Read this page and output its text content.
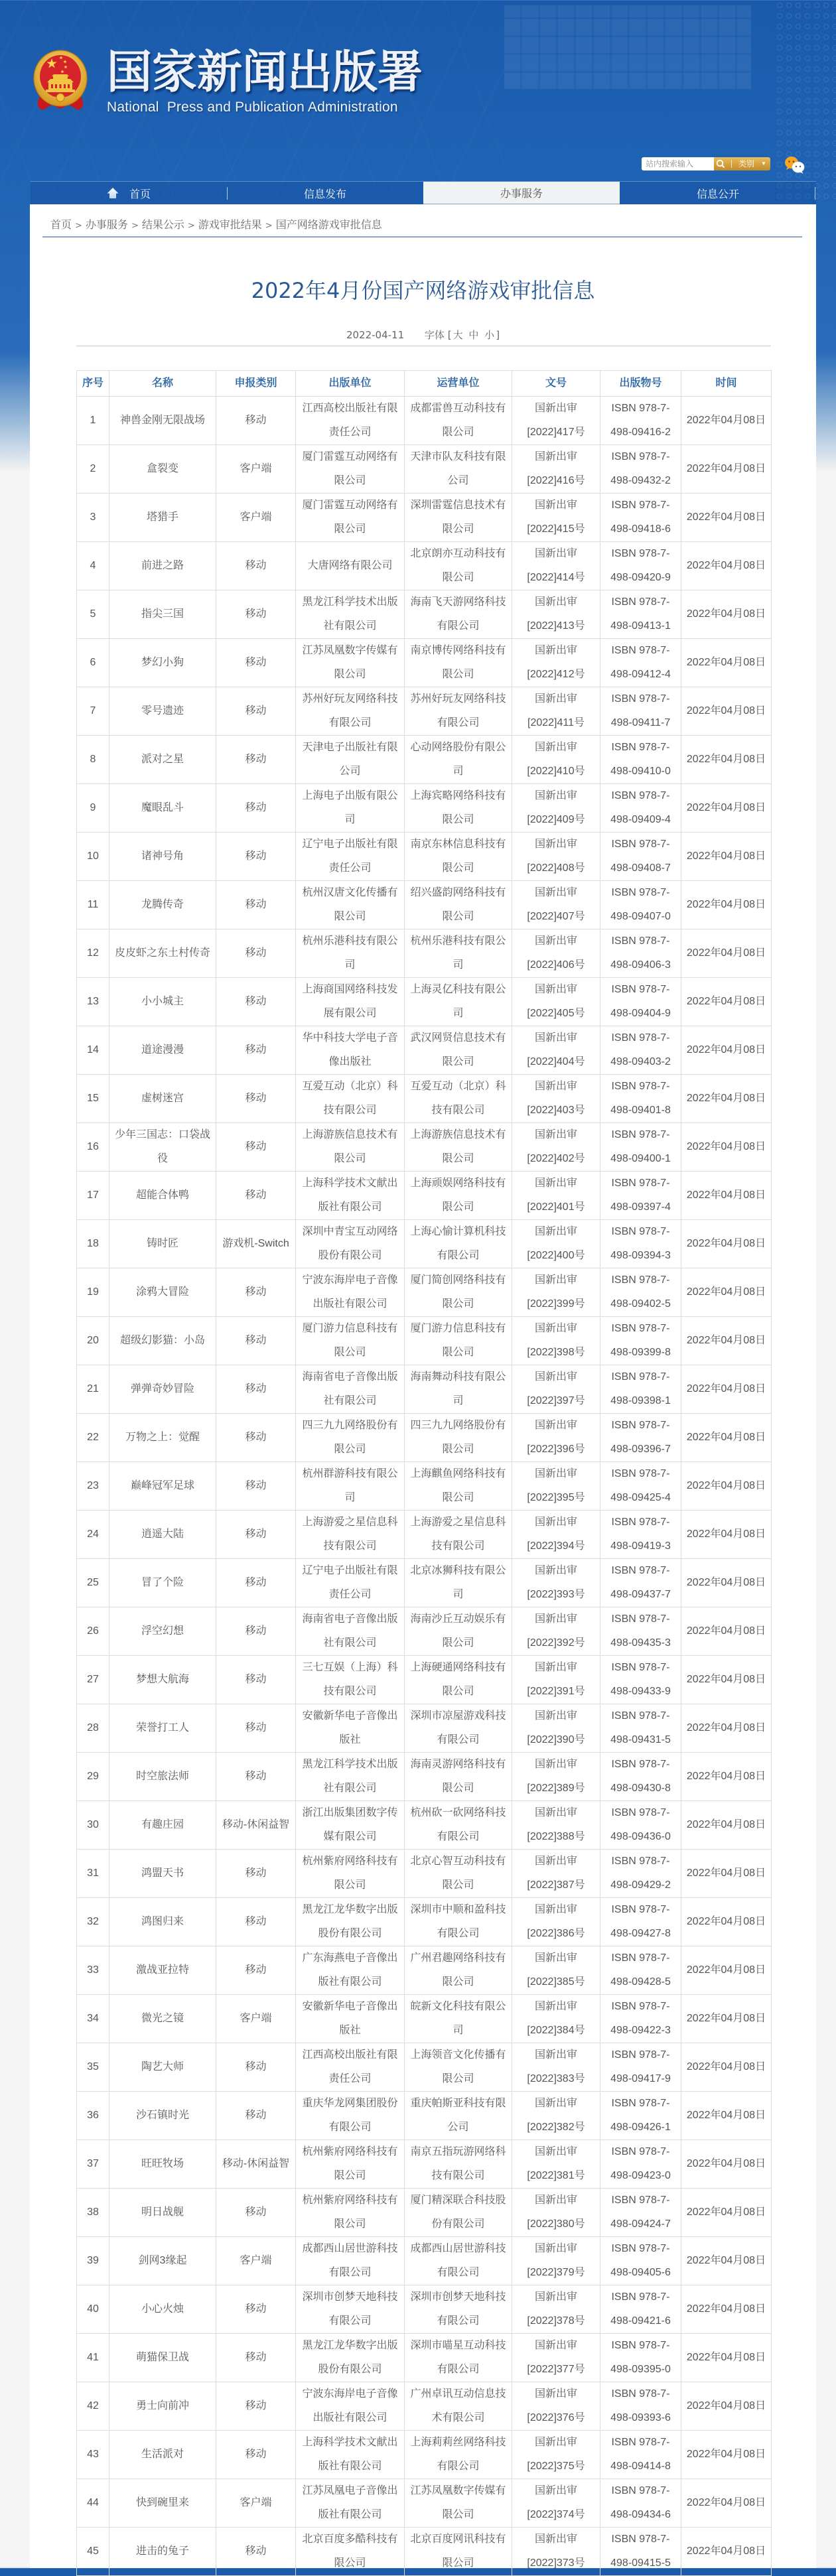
国家新闻出版署
National  Press and Publication Administration
站内搜索输入
类别 ▼
首页	信息发布	办事服务	信息公开
首页 > 办事服务 > 结果公示 > 游戏审批结果 > 国产网络游戏审批信息
2022年4月份国产网络游戏审批信息
2022-04-11 字体 [ 大 中 小 ]
序号	名称	申报类别	出版单位	运营单位	文号	出版物号	时间
1	神兽金刚无限战场	移动	江西高校出版社有限责任公司	成都雷兽互动科技有限公司	国新出审[2022]417号	ISBN 978-7-498-09416-2	2022年04月08日
2	盒裂变	客户端	厦门雷霆互动网络有限公司	天津市队友科技有限公司	国新出审[2022]416号	ISBN 978-7-498-09432-2	2022年04月08日
3	塔猎手	客户端	厦门雷霆互动网络有限公司	深圳雷霆信息技术有限公司	国新出审[2022]415号	ISBN 978-7-498-09418-6	2022年04月08日
4	前进之路	移动	大唐网络有限公司	北京朗亦互动科技有限公司	国新出审[2022]414号	ISBN 978-7-498-09420-9	2022年04月08日
5	指尖三国	移动	黑龙江科学技术出版社有限公司	海南飞天游网络科技有限公司	国新出审[2022]413号	ISBN 978-7-498-09413-1	2022年04月08日
6	梦幻小狗	移动	江苏凤凰数字传媒有限公司	南京博传网络科技有限公司	国新出审[2022]412号	ISBN 978-7-498-09412-4	2022年04月08日
7	零号遗迹	移动	苏州好玩友网络科技有限公司	苏州好玩友网络科技有限公司	国新出审[2022]411号	ISBN 978-7-498-09411-7	2022年04月08日
8	派对之星	移动	天津电子出版社有限公司	心动网络股份有限公司	国新出审[2022]410号	ISBN 978-7-498-09410-0	2022年04月08日
9	魔眼乱斗	移动	上海电子出版有限公司	上海宾略网络科技有限公司	国新出审[2022]409号	ISBN 978-7-498-09409-4	2022年04月08日
10	诸神号角	移动	辽宁电子出版社有限责任公司	南京东林信息科技有限公司	国新出审[2022]408号	ISBN 978-7-498-09408-7	2022年04月08日
11	龙腾传奇	移动	杭州汉唐文化传播有限公司	绍兴盛韵网络科技有限公司	国新出审[2022]407号	ISBN 978-7-498-09407-0	2022年04月08日
12	皮皮虾之东土村传奇	移动	杭州乐港科技有限公司	杭州乐港科技有限公司	国新出审[2022]406号	ISBN 978-7-498-09406-3	2022年04月08日
13	小小城主	移动	上海商国网络科技发展有限公司	上海灵亿科技有限公司	国新出审[2022]405号	ISBN 978-7-498-09404-9	2022年04月08日
14	道途漫漫	移动	华中科技大学电子音像出版社	武汉网贤信息技术有限公司	国新出审[2022]404号	ISBN 978-7-498-09403-2	2022年04月08日
15	虚树迷宫	移动	互爱互动（北京）科技有限公司	互爱互动（北京）科技有限公司	国新出审[2022]403号	ISBN 978-7-498-09401-8	2022年04月08日
16	少年三国志：口袋战役	移动	上海游族信息技术有限公司	上海游族信息技术有限公司	国新出审[2022]402号	ISBN 978-7-498-09400-1	2022年04月08日
17	超能合体鸭	移动	上海科学技术文献出版社有限公司	上海顽娱网络科技有限公司	国新出审[2022]401号	ISBN 978-7-498-09397-4	2022年04月08日
18	铸时匠	游戏机-Switch	深圳中青宝互动网络股份有限公司	上海心愉计算机科技有限公司	国新出审[2022]400号	ISBN 978-7-498-09394-3	2022年04月08日
19	涂鸦大冒险	移动	宁波东海岸电子音像出版社有限公司	厦门简创网络科技有限公司	国新出审[2022]399号	ISBN 978-7-498-09402-5	2022年04月08日
20	超级幻影猫：小岛	移动	厦门游力信息科技有限公司	厦门游力信息科技有限公司	国新出审[2022]398号	ISBN 978-7-498-09399-8	2022年04月08日
21	弹弹奇妙冒险	移动	海南省电子音像出版社有限公司	海南舞动科技有限公司	国新出审[2022]397号	ISBN 978-7-498-09398-1	2022年04月08日
22	万物之上：觉醒	移动	四三九九网络股份有限公司	四三九九网络股份有限公司	国新出审[2022]396号	ISBN 978-7-498-09396-7	2022年04月08日
23	巅峰冠军足球	移动	杭州群游科技有限公司	上海麒鱼网络科技有限公司	国新出审[2022]395号	ISBN 978-7-498-09425-4	2022年04月08日
24	逍遥大陆	移动	上海游爱之星信息科技有限公司	上海游爱之星信息科技有限公司	国新出审[2022]394号	ISBN 978-7-498-09419-3	2022年04月08日
25	冒了个险	移动	辽宁电子出版社有限责任公司	北京冰狮科技有限公司	国新出审[2022]393号	ISBN 978-7-498-09437-7	2022年04月08日
26	浮空幻想	移动	海南省电子音像出版社有限公司	海南沙丘互动娱乐有限公司	国新出审[2022]392号	ISBN 978-7-498-09435-3	2022年04月08日
27	梦想大航海	移动	三七互娱（上海）科技有限公司	上海硬通网络科技有限公司	国新出审[2022]391号	ISBN 978-7-498-09433-9	2022年04月08日
28	荣誉打工人	移动	安徽新华电子音像出版社	深圳市凉屋游戏科技有限公司	国新出审[2022]390号	ISBN 978-7-498-09431-5	2022年04月08日
29	时空旅法师	移动	黑龙江科学技术出版社有限公司	海南灵游网络科技有限公司	国新出审[2022]389号	ISBN 978-7-498-09430-8	2022年04月08日
30	有趣庄园	移动-休闲益智	浙江出版集团数字传媒有限公司	杭州砍一砍网络科技有限公司	国新出审[2022]388号	ISBN 978-7-498-09436-0	2022年04月08日
31	鸿盟天书	移动	杭州紫府网络科技有限公司	北京心智互动科技有限公司	国新出审[2022]387号	ISBN 978-7-498-09429-2	2022年04月08日
32	鸿图归来	移动	黑龙江龙华数字出版股份有限公司	深圳市中顺和盈科技有限公司	国新出审[2022]386号	ISBN 978-7-498-09427-8	2022年04月08日
33	激战亚拉特	移动	广东海燕电子音像出版社有限公司	广州君趣网络科技有限公司	国新出审[2022]385号	ISBN 978-7-498-09428-5	2022年04月08日
34	微光之镜	客户端	安徽新华电子音像出版社	皖新文化科技有限公司	国新出审[2022]384号	ISBN 978-7-498-09422-3	2022年04月08日
35	陶艺大师	移动	江西高校出版社有限责任公司	上海领音文化传播有限公司	国新出审[2022]383号	ISBN 978-7-498-09417-9	2022年04月08日
36	沙石镇时光	移动	重庆华龙网集团股份有限公司	重庆帕斯亚科技有限公司	国新出审[2022]382号	ISBN 978-7-498-09426-1	2022年04月08日
37	旺旺牧场	移动-休闲益智	杭州紫府网络科技有限公司	南京五指玩游网络科技有限公司	国新出审[2022]381号	ISBN 978-7-498-09423-0	2022年04月08日
38	明日战舰	移动	杭州紫府网络科技有限公司	厦门精深联合科技股份有限公司	国新出审[2022]380号	ISBN 978-7-498-09424-7	2022年04月08日
39	剑网3缘起	客户端	成都西山居世游科技有限公司	成都西山居世游科技有限公司	国新出审[2022]379号	ISBN 978-7-498-09405-6	2022年04月08日
40	小心火烛	移动	深圳市创梦天地科技有限公司	深圳市创梦天地科技有限公司	国新出审[2022]378号	ISBN 978-7-498-09421-6	2022年04月08日
41	萌猫保卫战	移动	黑龙江龙华数字出版股份有限公司	深圳市喵星互动科技有限公司	国新出审[2022]377号	ISBN 978-7-498-09395-0	2022年04月08日
42	勇士向前冲	移动	宁波东海岸电子音像出版社有限公司	广州卓讯互动信息技术有限公司	国新出审[2022]376号	ISBN 978-7-498-09393-6	2022年04月08日
43	生活派对	移动	上海科学技术文献出版社有限公司	上海莉莉丝网络科技有限公司	国新出审[2022]375号	ISBN 978-7-498-09414-8	2022年04月08日
44	快到碗里来	客户端	江苏凤凰电子音像出版社有限公司	江苏凤凰数字传媒有限公司	国新出审[2022]374号	ISBN 978-7-498-09434-6	2022年04月08日
45	进击的兔子	移动	北京百度多酷科技有限公司	北京百度网讯科技有限公司	国新出审[2022]373号	ISBN 978-7-498-09415-5	2022年04月08日
